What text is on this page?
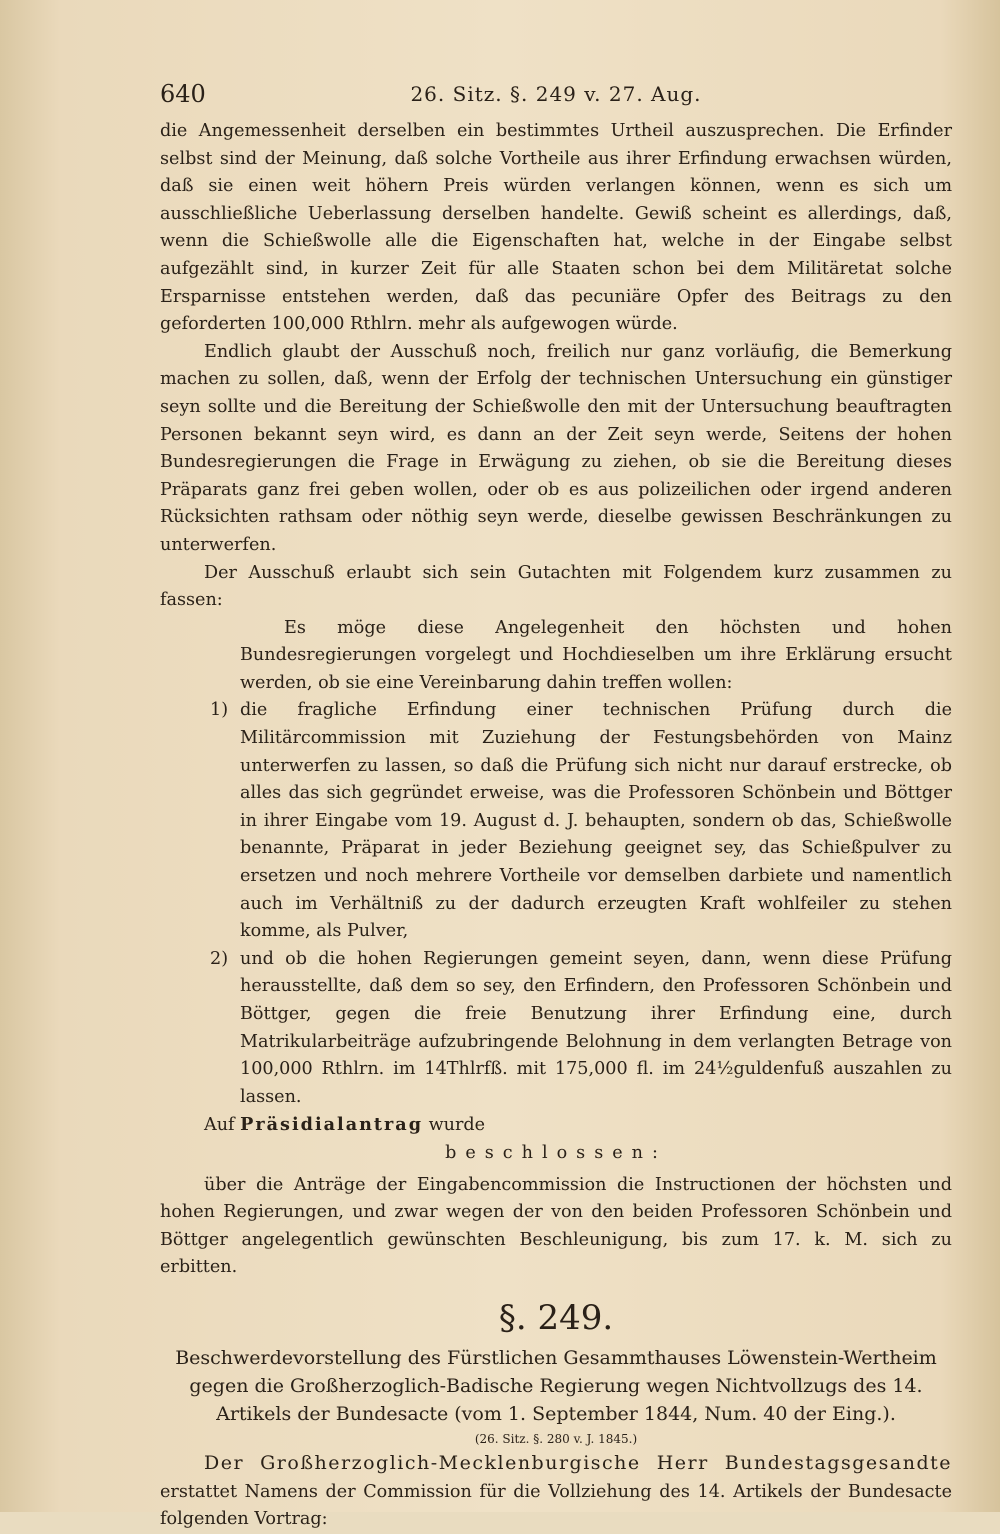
640	26. Sitz. §. 249 v. 27. Aug.

die Angemessenheit derselben ein bestimmtes Urtheil auszusprechen. Die Erfinder selbst sind der Meinung, daß solche Vortheile aus ihrer Erfindung erwachsen würden, daß sie einen weit höhern Preis würden verlangen können, wenn es sich um ausschließliche Ueberlassung derselben handelte. Gewiß scheint es allerdings, daß, wenn die Schießwolle alle die Eigenschaften hat, welche in der Eingabe selbst aufgezählt sind, in kurzer Zeit für alle Staaten schon bei dem Militäretat solche Ersparnisse entstehen werden, daß das pecuniäre Opfer des Beitrags zu den geforderten 100,000 Rthlrn. mehr als aufgewogen würde.

Endlich glaubt der Ausschuß noch, freilich nur ganz vorläufig, die Bemerkung machen zu sollen, daß, wenn der Erfolg der technischen Untersuchung ein günstiger seyn sollte und die Bereitung der Schießwolle den mit der Untersuchung beauftragten Personen bekannt seyn wird, es dann an der Zeit seyn werde, Seitens der hohen Bundesregierungen die Frage in Erwägung zu ziehen, ob sie die Bereitung dieses Präparats ganz frei geben wollen, oder ob es aus polizeilichen oder irgend anderen Rücksichten rathsam oder nöthig seyn werde, dieselbe gewissen Beschränkungen zu unterwerfen.

Der Ausschuß erlaubt sich sein Gutachten mit Folgendem kurz zusammen zu fassen:

Es möge diese Angelegenheit den höchsten und hohen Bundesregierungen vorgelegt und Hochdieselben um ihre Erklärung ersucht werden, ob sie eine Vereinbarung dahin treffen wollen:

1) die fragliche Erfindung einer technischen Prüfung durch die Militärcommission mit Zuziehung der Festungsbehörden von Mainz unterwerfen zu lassen, so daß die Prüfung sich nicht nur darauf erstrecke, ob alles das sich gegründet erweise, was die Professoren Schönbein und Böttger in ihrer Eingabe vom 19. August d. J. behaupten, sondern ob das, Schießwolle benannte, Präparat in jeder Beziehung geeignet sey, das Schießpulver zu ersetzen und noch mehrere Vortheile vor demselben darbiete und namentlich auch im Verhältniß zu der dadurch erzeugten Kraft wohlfeiler zu stehen komme, als Pulver,

2) und ob die hohen Regierungen gemeint seyen, dann, wenn diese Prüfung herausstellte, daß dem so sey, den Erfindern, den Professoren Schönbein und Böttger, gegen die freie Benutzung ihrer Erfindung eine, durch Matrikularbeiträge aufzubringende Belohnung in dem verlangten Betrage von 100,000 Rthlrn. im 14Thlrfß. mit 175,000 fl. im 24½guldenfuß auszahlen zu lassen.

Auf Präsidialantrag wurde

beschlossen:

über die Anträge der Eingabencommission die Instructionen der höchsten und hohen Regierungen, und zwar wegen der von den beiden Professoren Schönbein und Böttger angelegentlich gewünschten Beschleunigung, bis zum 17. k. M. sich zu erbitten.

§. 249.
Beschwerdevorstellung des Fürstlichen Gesammthauses Löwenstein-Wertheim
gegen die Großherzoglich-Badische Regierung wegen Nichtvollzugs des 14.
Artikels der Bundesacte (vom 1. September 1844, Num. 40 der Eing.).
(26. Sitz. §. 280 v. J. 1845.)

Der Großherzoglich-Mecklenburgische Herr Bundestagsgesandte erstattet Namens der Commission für die Vollziehung des 14. Artikels der Bundesacte folgenden Vortrag:
